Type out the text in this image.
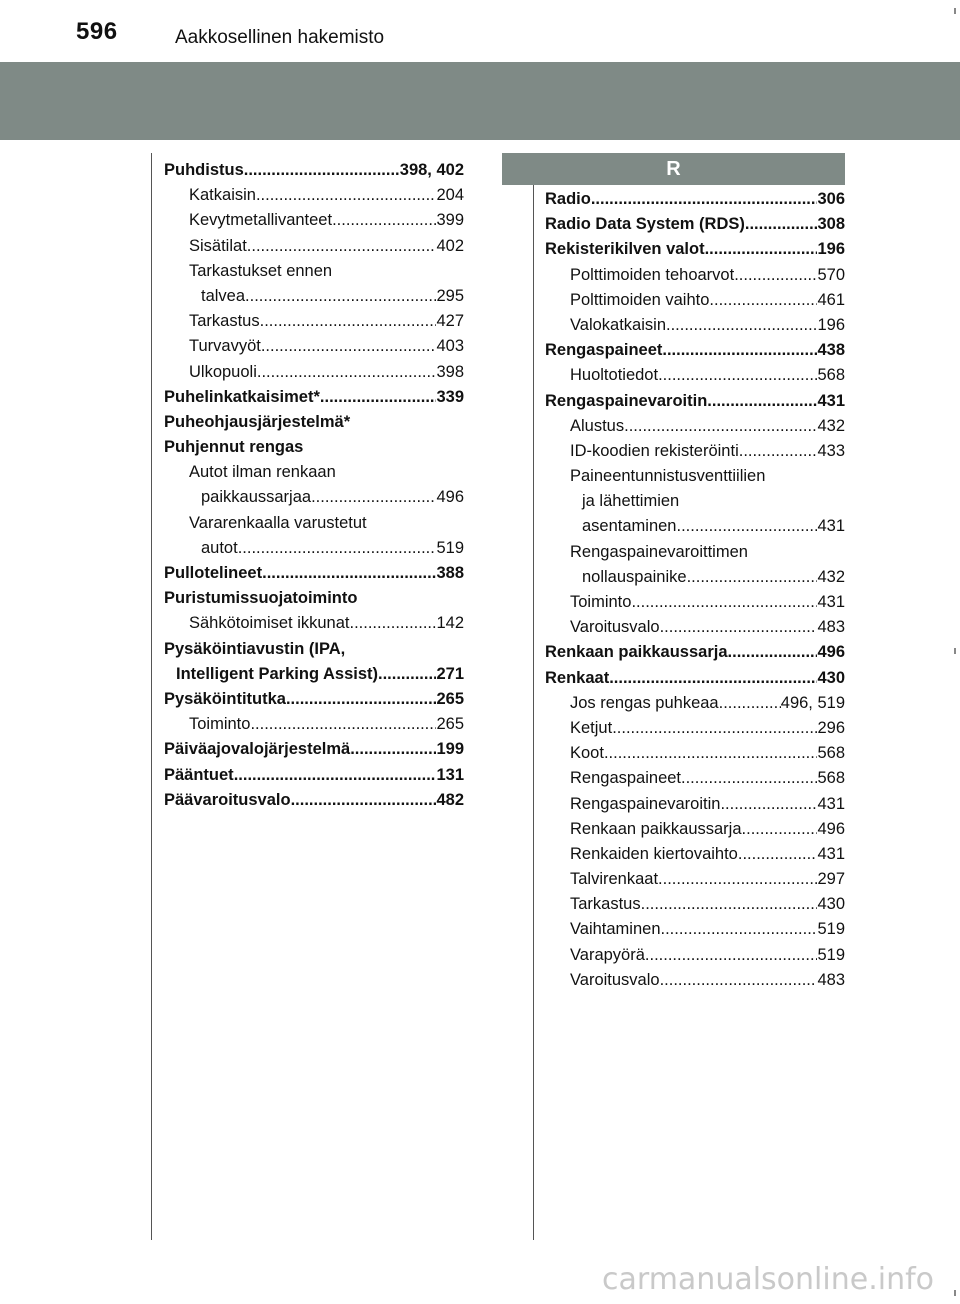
596	Aakkosellinen hakemisto
Puhdistus .....	398, 402
Katkaisin .....	204
Kevytmetallivanteet .....	399
Sisätilat .....	402
Tarkastukset ennen
talvea .....	295
Tarkastus .....	427
Turvavyöt .....	403
Ulkopuoli .....	398
Puhelinkatkaisimet* .....	339
Puheohjausjärjestelmä*
Puhjennut rengas
Autot ilman renkaan
paikkaussarjaa .....	496
Vararenkaalla varustetut
autot .....	519
Pullotelineet .....	388
Puristumissuojatoiminto
Sähkötoimiset ikkunat .....	142
Pysäköintiavustin (IPA,
Intelligent Parking Assist) .....	271
Pysäköintitutka .....	265
Toiminto .....	265
Päiväajovalojärjestelmä .....	199
Pääntuet .....	131
Päävaroitusvalo .....	482
R
Radio .....	306
Radio Data System (RDS) .....	308
Rekisterikilven valot .....	196
Polttimoiden tehoarvot .....	570
Polttimoiden vaihto .....	461
Valokatkaisin .....	196
Rengaspaineet .....	438
Huoltotiedot .....	568
Rengaspainevaroitin .....	431
Alustus .....	432
ID-koodien rekisteröinti .....	433
Paineentunnistusventtiilien
ja lähettimien
asentaminen .....	431
Rengaspainevaroittimen
nollauspainike .....	432
Toiminto .....	431
Varoitusvalo .....	483
Renkaan paikkaussarja .....	496
Renkaat .....	430
Jos rengas puhkeaa .....	496, 519
Ketjut .....	296
Koot .....	568
Rengaspaineet .....	568
Rengaspainevaroitin .....	431
Renkaan paikkaussarja .....	496
Renkaiden kiertovaihto .....	431
Talvirenkaat .....	297
Tarkastus .....	430
Vaihtaminen .....	519
Varapyörä .....	519
Varoitusvalo .....	483
carmanualsonline.info
